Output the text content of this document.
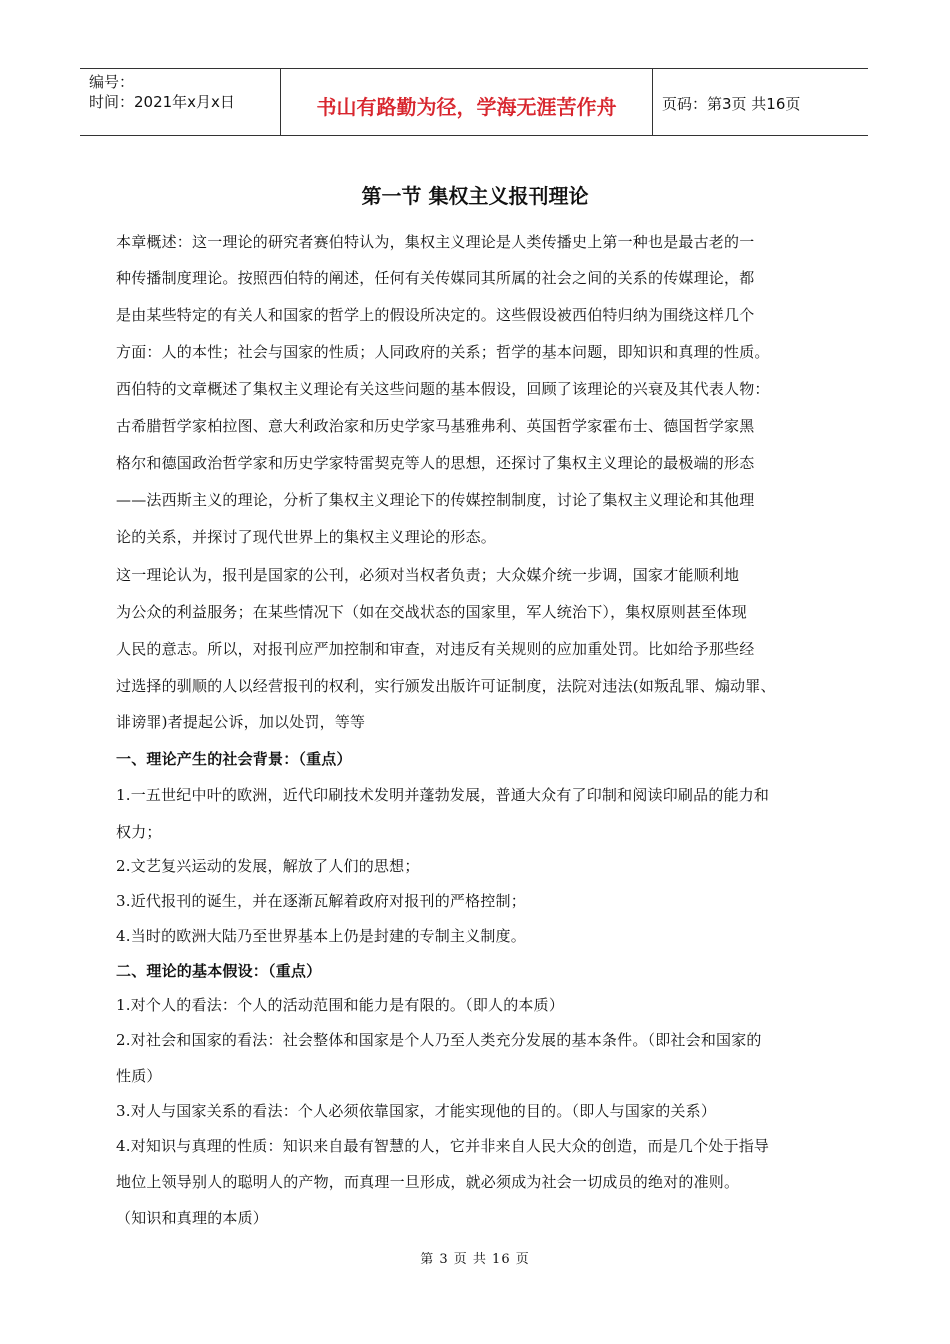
编号：
时间：2021年x月x日	书山有路勤为径，学海无涯苦作舟	页码：第3页 共16页
第一节 集权主义报刊理论
本章概述：这一理论的研究者赛伯特认为，集权主义理论是人类传播史上第一种也是最古老的一
种传播制度理论。按照西伯特的阐述，任何有关传媒同其所属的社会之间的关系的传媒理论，都
是由某些特定的有关人和国家的哲学上的假设所决定的。这些假设被西伯特归纳为围绕这样几个
方面：人的本性；社会与国家的性质；人同政府的关系；哲学的基本问题，即知识和真理的性质。
西伯特的文章概述了集权主义理论有关这些问题的基本假设，回顾了该理论的兴衰及其代表人物：
古希腊哲学家柏拉图、意大利政治家和历史学家马基雅弗利、英国哲学家霍布士、德国哲学家黑
格尔和德国政治哲学家和历史学家特雷契克等人的思想，还探讨了集权主义理论的最极端的形态
——法西斯主义的理论，分析了集权主义理论下的传媒控制制度，讨论了集权主义理论和其他理
论的关系，并探讨了现代世界上的集权主义理论的形态。
这一理论认为，报刊是国家的公刊，必须对当权者负责；大众媒介统一步调，国家才能顺利地
为公众的利益服务；在某些情况下（如在交战状态的国家里，军人统治下），集权原则甚至体现
人民的意志。所以，对报刊应严加控制和审查，对违反有关规则的应加重处罚。比如给予那些经
过选择的驯顺的人以经营报刊的权利，实行颁发出版许可证制度，法院对违法(如叛乱罪、煽动罪、
诽谤罪)者提起公诉，加以处罚，等等
一、理论产生的社会背景：（重点）
1.一五世纪中叶的欧洲，近代印刷技术发明并蓬勃发展，普通大众有了印制和阅读印刷品的能力和
权力；
2.文艺复兴运动的发展，解放了人们的思想；
3.近代报刊的诞生，并在逐渐瓦解着政府对报刊的严格控制；
4.当时的欧洲大陆乃至世界基本上仍是封建的专制主义制度。
二、理论的基本假设：（重点）
1.对个人的看法：个人的活动范围和能力是有限的。（即人的本质）
2.对社会和国家的看法：社会整体和国家是个人乃至人类充分发展的基本条件。（即社会和国家的
性质）
3.对人与国家关系的看法：个人必须依靠国家，才能实现他的目的。（即人与国家的关系）
4.对知识与真理的性质：知识来自最有智慧的人，它并非来自人民大众的创造，而是几个处于指导
地位上领导别人的聪明人的产物，而真理一旦形成，就必须成为社会一切成员的绝对的准则。
（知识和真理的本质）
第 3 页 共 16 页
